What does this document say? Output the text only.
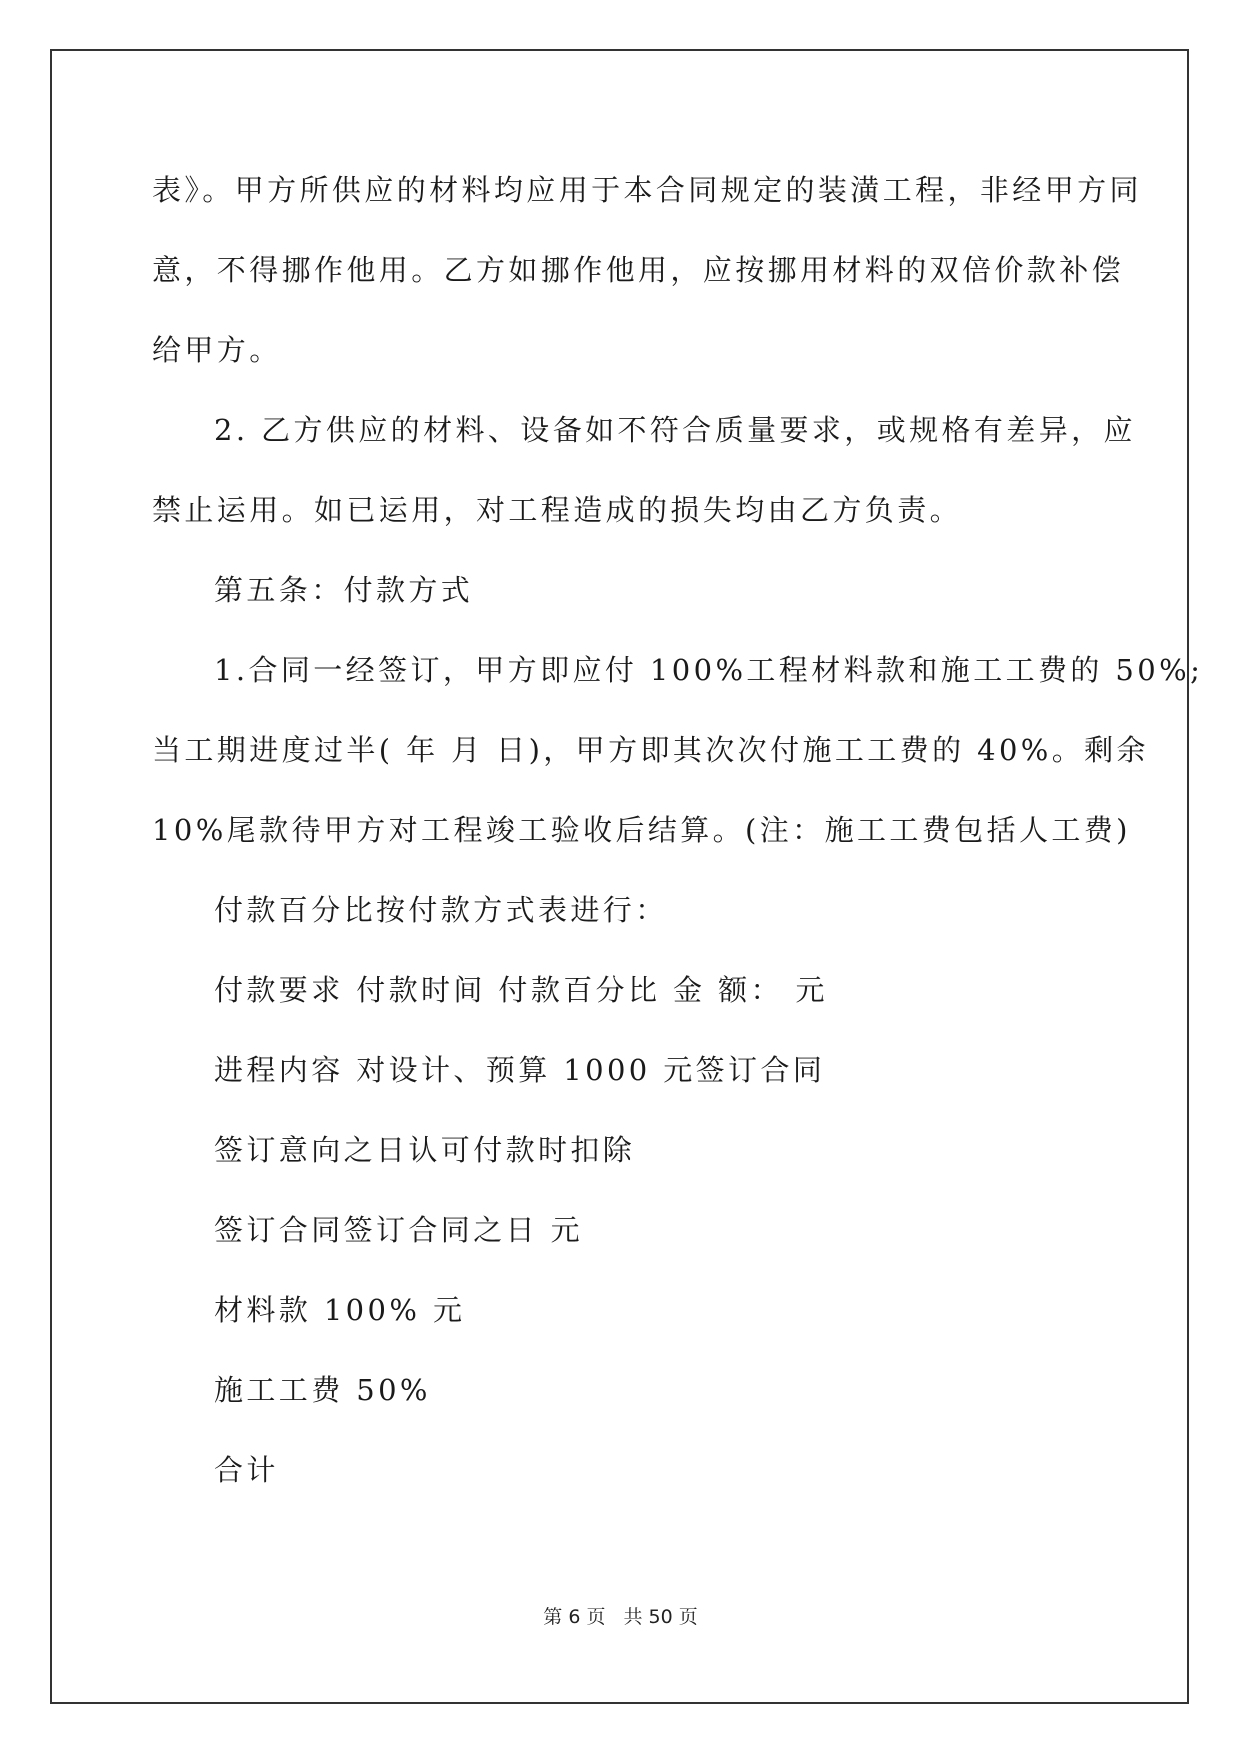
表》。甲方所供应的材料均应用于本合同规定的装潢工程，非经甲方同
意，不得挪作他用。乙方如挪作他用，应按挪用材料的双倍价款补偿
给甲方。
2. 乙方供应的材料、设备如不符合质量要求，或规格有差异，应
禁止运用。如已运用，对工程造成的损失均由乙方负责。
第五条：付款方式
1.合同一经签订，甲方即应付 100%工程材料款和施工工费的 50%;
当工期进度过半( 年 月 日)，甲方即其次次付施工工费的 40%。剩余
10%尾款待甲方对工程竣工验收后结算。(注：施工工费包括人工费)
付款百分比按付款方式表进行：
付款要求 付款时间 付款百分比 金 额： 元
进程内容 对设计、预算 1000 元签订合同
签订意向之日认可付款时扣除
签订合同签订合同之日 元
材料款 100% 元
施工工费 50%
合计
第 6 页 共 50 页
